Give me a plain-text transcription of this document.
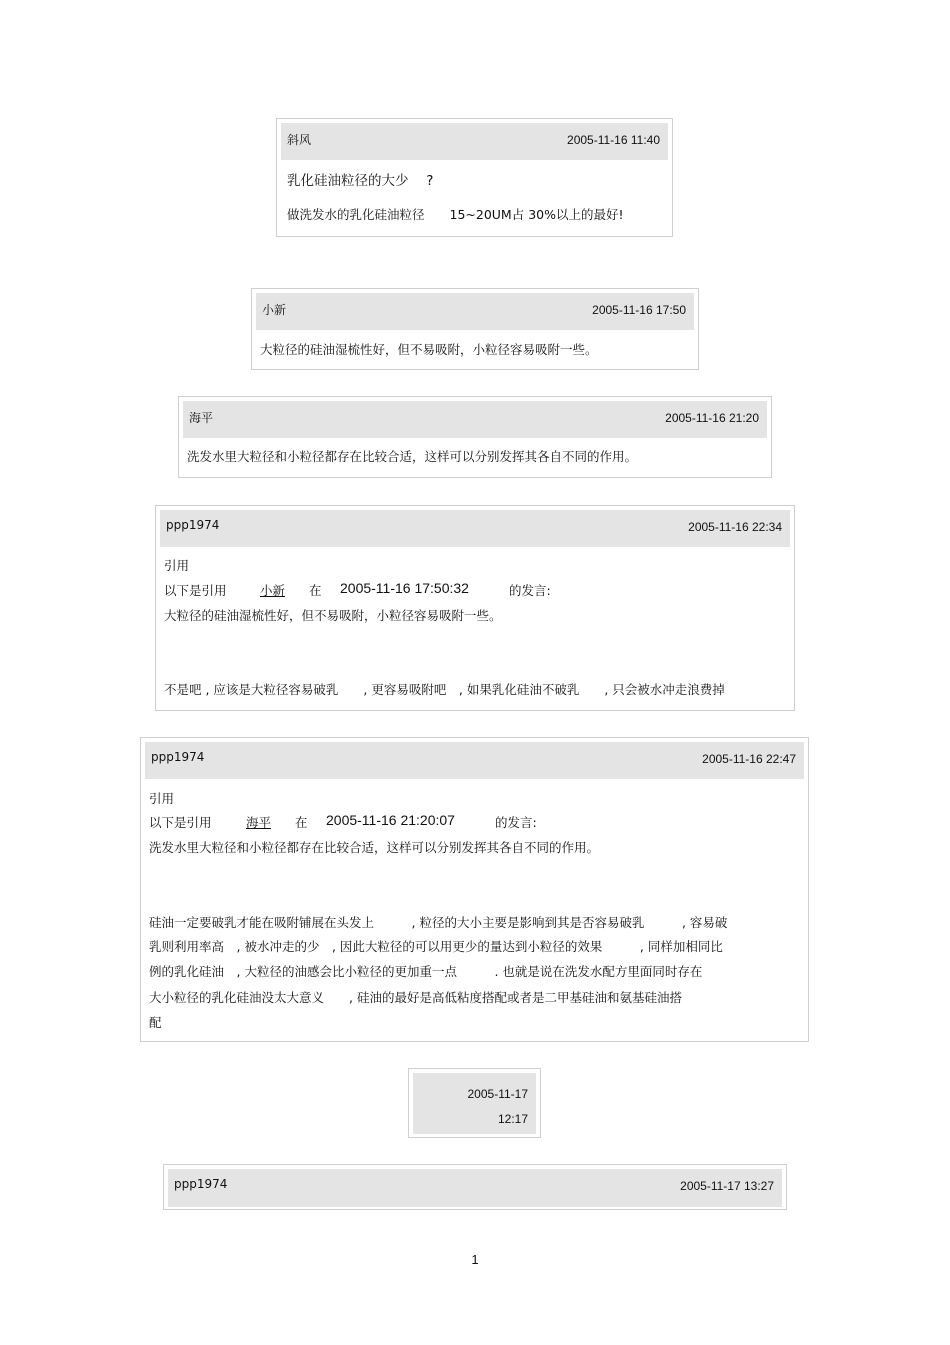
斜风	2005-11-16 11:40
乳化硅油粒径的大少　 ?
做洗发水的乳化硅油粒径　　15~20UM占 30%以上的最好!
小新	2005-11-16 17:50
大粒径的硅油湿梳性好，但不易吸附，小粒径容易吸附一些。
海平	2005-11-16 21:20
洗发水里大粒径和小粒径都存在比较合适，这样可以分别发挥其各自不同的作用。
ppp1974	2005-11-16 22:34
引用
以下是引用	小新	在 2005-11-16 17:50:32	的发言:
大粒径的硅油湿梳性好，但不易吸附，小粒径容易吸附一些。
不是吧 , 应该是大粒径容易破乳　　, 更容易吸附吧　, 如果乳化硅油不破乳　　, 只会被水冲走浪费掉
ppp1974	2005-11-16 22:47
引用
以下是引用	海平	在 2005-11-16 21:20:07	的发言:
洗发水里大粒径和小粒径都存在比较合适，这样可以分别发挥其各自不同的作用。
硅油一定要破乳才能在吸附铺展在头发上　　　, 粒径的大小主要是影响到其是否容易破乳　　　, 容易破
乳则利用率高　, 被水冲走的少　, 因此大粒径的可以用更少的量达到小粒径的效果　　　, 同样加相同比
例的乳化硅油　, 大粒径的油感会比小粒径的更加重一点　　　. 也就是说在洗发水配方里面同时存在
大小粒径的乳化硅油没太大意义　　, 硅油的最好是高低粘度搭配或者是二甲基硅油和氨基硅油搭
配
2005-11-17
12:17
ppp1974	2005-11-17 13:27
1
